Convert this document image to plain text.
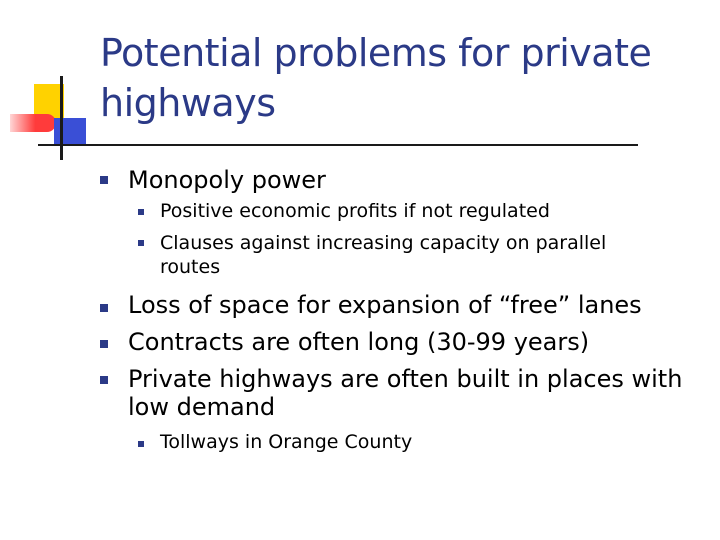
Potential problems for private highways
Monopoly power
Positive economic profits if not regulated
Clauses against increasing capacity on parallel routes
Loss of space for expansion of “free” lanes
Contracts are often long (30-99 years)
Private highways are often built in places with low demand
Tollways in Orange County
